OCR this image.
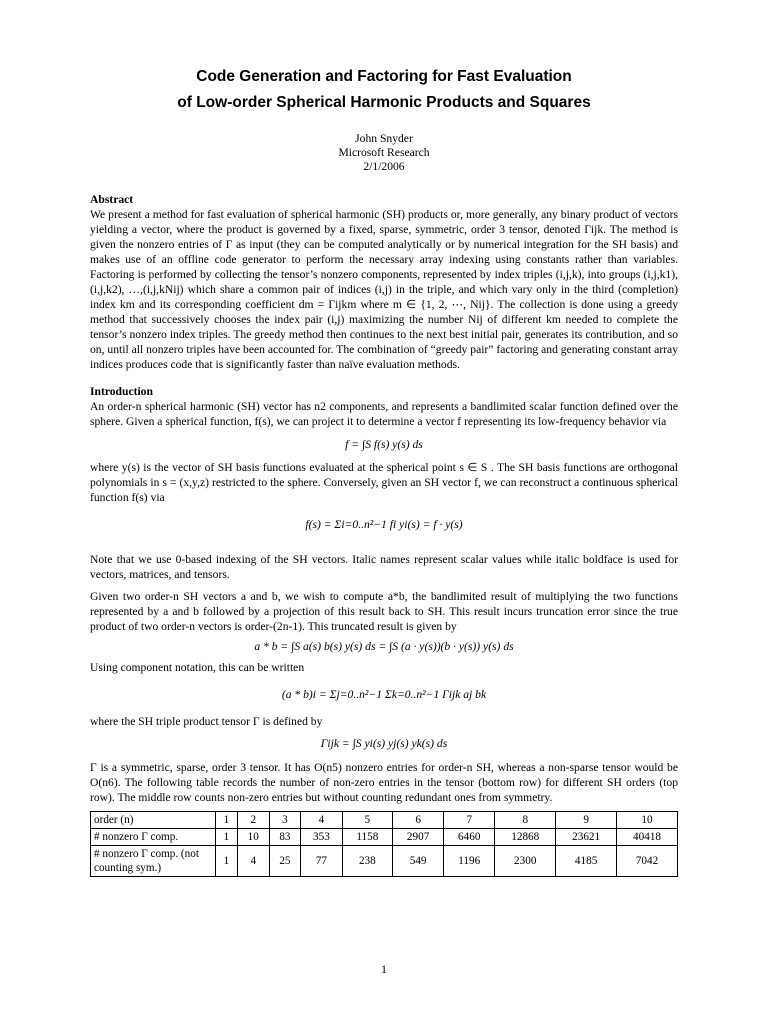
Code Generation and Factoring for Fast Evaluation

of Low-order Spherical Harmonic Products and Squares

John Snyder
Microsoft Research
2/1/2006

Abstract

We present a method for fast evaluation of spherical harmonic (SH) products or, more generally, any binary product of vectors yielding a vector, where the product is governed by a fixed, sparse, symmetric, order 3 tensor, denoted Γijk. The method is given the nonzero entries of Γ as input (they can be computed analytically or by numerical integration for the SH basis) and makes use of an offline code generator to perform the necessary array indexing using constants rather than variables. Factoring is performed by collecting the tensor’s nonzero components, represented by index triples (i,j,k), into groups (i,j,k1), (i,j,k2), …,(i,j,kNij) which share a common pair of indices (i,j) in the triple, and which vary only in the third (completion) index km and its corresponding coefficient dm = Γijkm where m ∈ {1, 2, ⋯, Nij}. The collection is done using a greedy method that successively chooses the index pair (i,j) maximizing the number Nij of different km needed to complete the tensor’s nonzero index triples. The greedy method then continues to the next best initial pair, generates its contribution, and so on, until all nonzero triples have been accounted for. The combination of “greedy pair” factoring and generating constant array indices produces code that is significantly faster than naïve evaluation methods.

Introduction

An order-n spherical harmonic (SH) vector has n2 components, and represents a bandlimited scalar function defined over the sphere. Given a spherical function, f(s), we can project it to determine a vector f representing its low-frequency behavior via

f = ∫S f(s) y(s) ds

where y(s) is the vector of SH basis functions evaluated at the spherical point s ∈ S . The SH basis functions are orthogonal polynomials in s = (x,y,z) restricted to the sphere. Conversely, given an SH vector f, we can reconstruct a continuous spherical function f(s) via

f(s) = Σi=0..n²−1 fi yi(s) = f · y(s)

Note that we use 0-based indexing of the SH vectors. Italic names represent scalar values while italic boldface is used for vectors, matrices, and tensors.

Given two order-n SH vectors a and b, we wish to compute a*b, the bandlimited result of multiplying the two functions represented by a and b followed by a projection of this result back to SH. This result incurs truncation error since the true product of two order-n vectors is order-(2n-1). This truncated result is given by

a * b = ∫S a(s) b(s) y(s) ds = ∫S (a · y(s))(b · y(s)) y(s) ds

Using component notation, this can be written

(a * b)i = Σj=0..n²−1 Σk=0..n²−1 Γijk aj bk

where the SH triple product tensor Γ is defined by

Γijk = ∫S yi(s) yj(s) yk(s) ds

Γ is a symmetric, sparse, order 3 tensor. It has O(n5) nonzero entries for order-n SH, whereas a non-sparse tensor would be O(n6). The following table records the number of non-zero entries in the tensor (bottom row) for different SH orders (top row). The middle row counts non-zero entries but without counting redundant ones from symmetry.

order (n)	1	2	3	4	5	6	7	8	9	10
# nonzero Γ comp.	1	10	83	353	1158	2907	6460	12868	23621	40418
# nonzero Γ comp. (not counting sym.)	1	4	25	77	238	549	1196	2300	4185	7042
1
